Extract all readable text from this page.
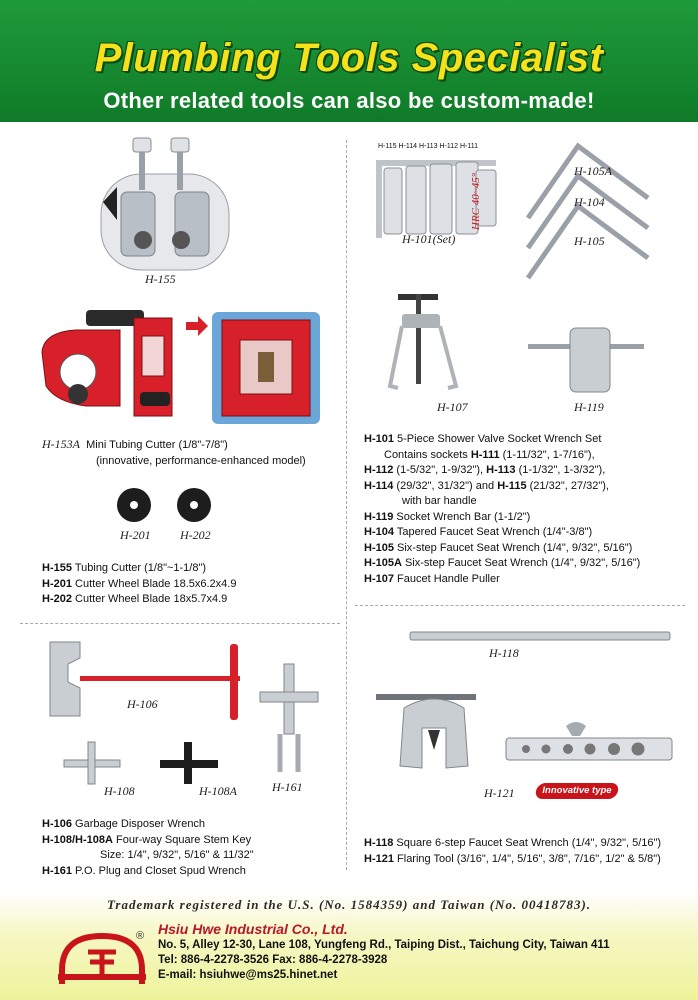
Plumbing Tools Specialist
Other related tools can also be custom-made!
H-155
H-153A Mini Tubing Cutter (1/8"-7/8")
(innovative, performance-enhanced model)
H-201 H-202
H-155 Tubing Cutter (1/8"~1-1/8")
H-201 Cutter Wheel Blade 18.5x6.2x4.9
H-202 Cutter Wheel Blade 18x5.7x4.9
H-115 H-114 H-113 H-112 H-111
H-101(Set)
H-105A
H-104
H-105
HRC 40~45°
H-107	H-119
H-101 5-Piece Shower Valve Socket Wrench Set
Contains sockets H-111 (1-11/32", 1-7/16"),
H-112 (1-5/32", 1-9/32"), H-113 (1-1/32", 1-3/32"),
H-114 (29/32", 31/32") and H-115 (21/32", 27/32"),
with bar handle
H-119 Socket Wrench Bar (1-1/2")
H-104 Tapered Faucet Seat Wrench (1/4"-3/8")
H-105 Six-step Faucet Seat Wrench (1/4", 9/32", 5/16")
H-105A Six-step Faucet Seat Wrench (1/4", 9/32", 5/16")
H-107 Faucet Handle Puller
H-106
H-161
H-108	H-108A
H-106 Garbage Disposer Wrench
H-108/H-108A Four-way Square Stem Key
Size: 1/4", 9/32", 5/16" & 11/32"
H-161 P.O. Plug and Closet Spud Wrench
H-118
H-121	Innovative type
H-118 Square 6-step Faucet Seat Wrench (1/4", 9/32", 5/16")
H-121 Flaring Tool (3/16", 1/4", 5/16", 3/8", 7/16", 1/2" & 5/8")
Trademark registered in the U.S. (No. 1584359) and Taiwan (No. 00418783).
® Hsiu Hwe Industrial Co., Ltd.
No. 5, Alley 12-30, Lane 108, Yungfeng Rd., Taiping Dist., Taichung City, Taiwan 411
Tel: 886-4-2278-3526 Fax: 886-4-2278-3928
E-mail: hsiuhwe@ms25.hinet.net
